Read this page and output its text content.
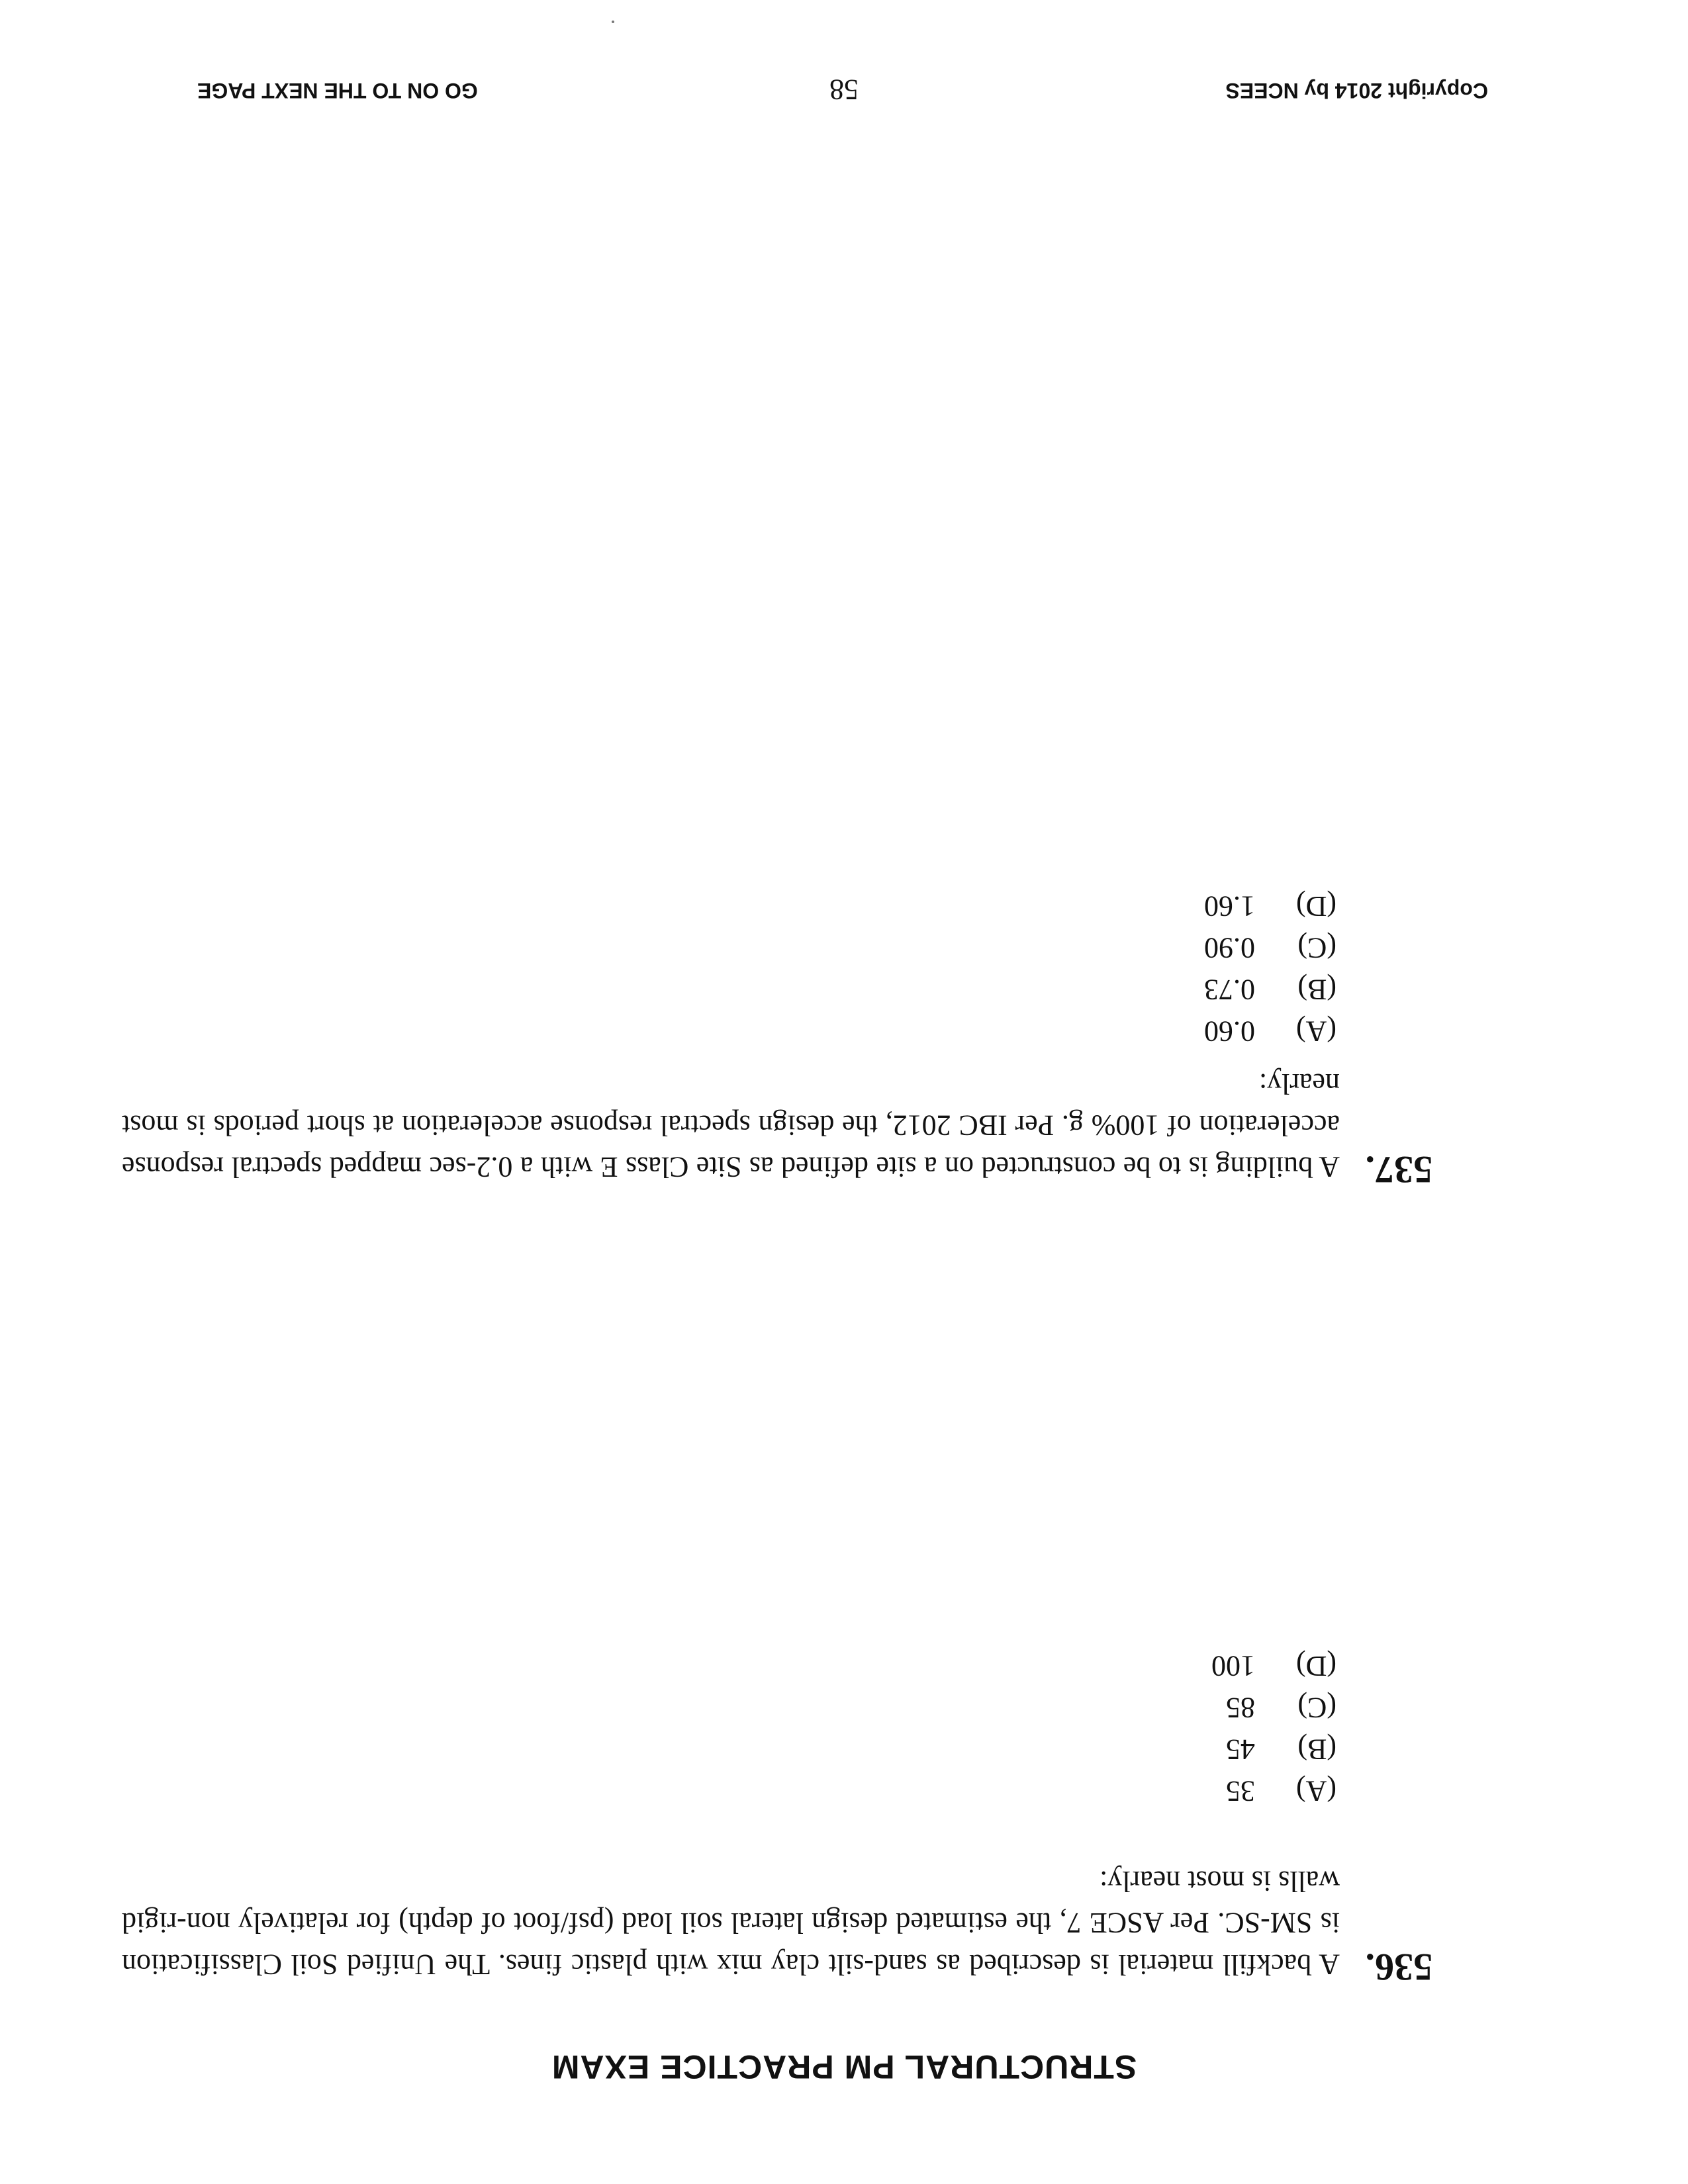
STRUCTURAL PM PRACTICE EXAM
536.

A backfill material is described as sand-silt clay mix with plastic fines. The Unified Soil Classification is SM-SC. Per ASCE 7, the estimated design lateral soil load (psf/foot of depth) for relatively non-rigid walls is most nearly:

(A)35
(B)45
(C)85
(D)100
537.

A building is to be constructed on a site defined as Site Class E with a 0.2-sec mapped spectral response acceleration of 100% g. Per IBC 2012, the design spectral response acceleration at short periods is most nearly:

(A)0.60
(B)0.73
(C)0.90
(D)1.60
Copyright 2014 by NCEES
58
GO ON TO THE NEXT PAGE
